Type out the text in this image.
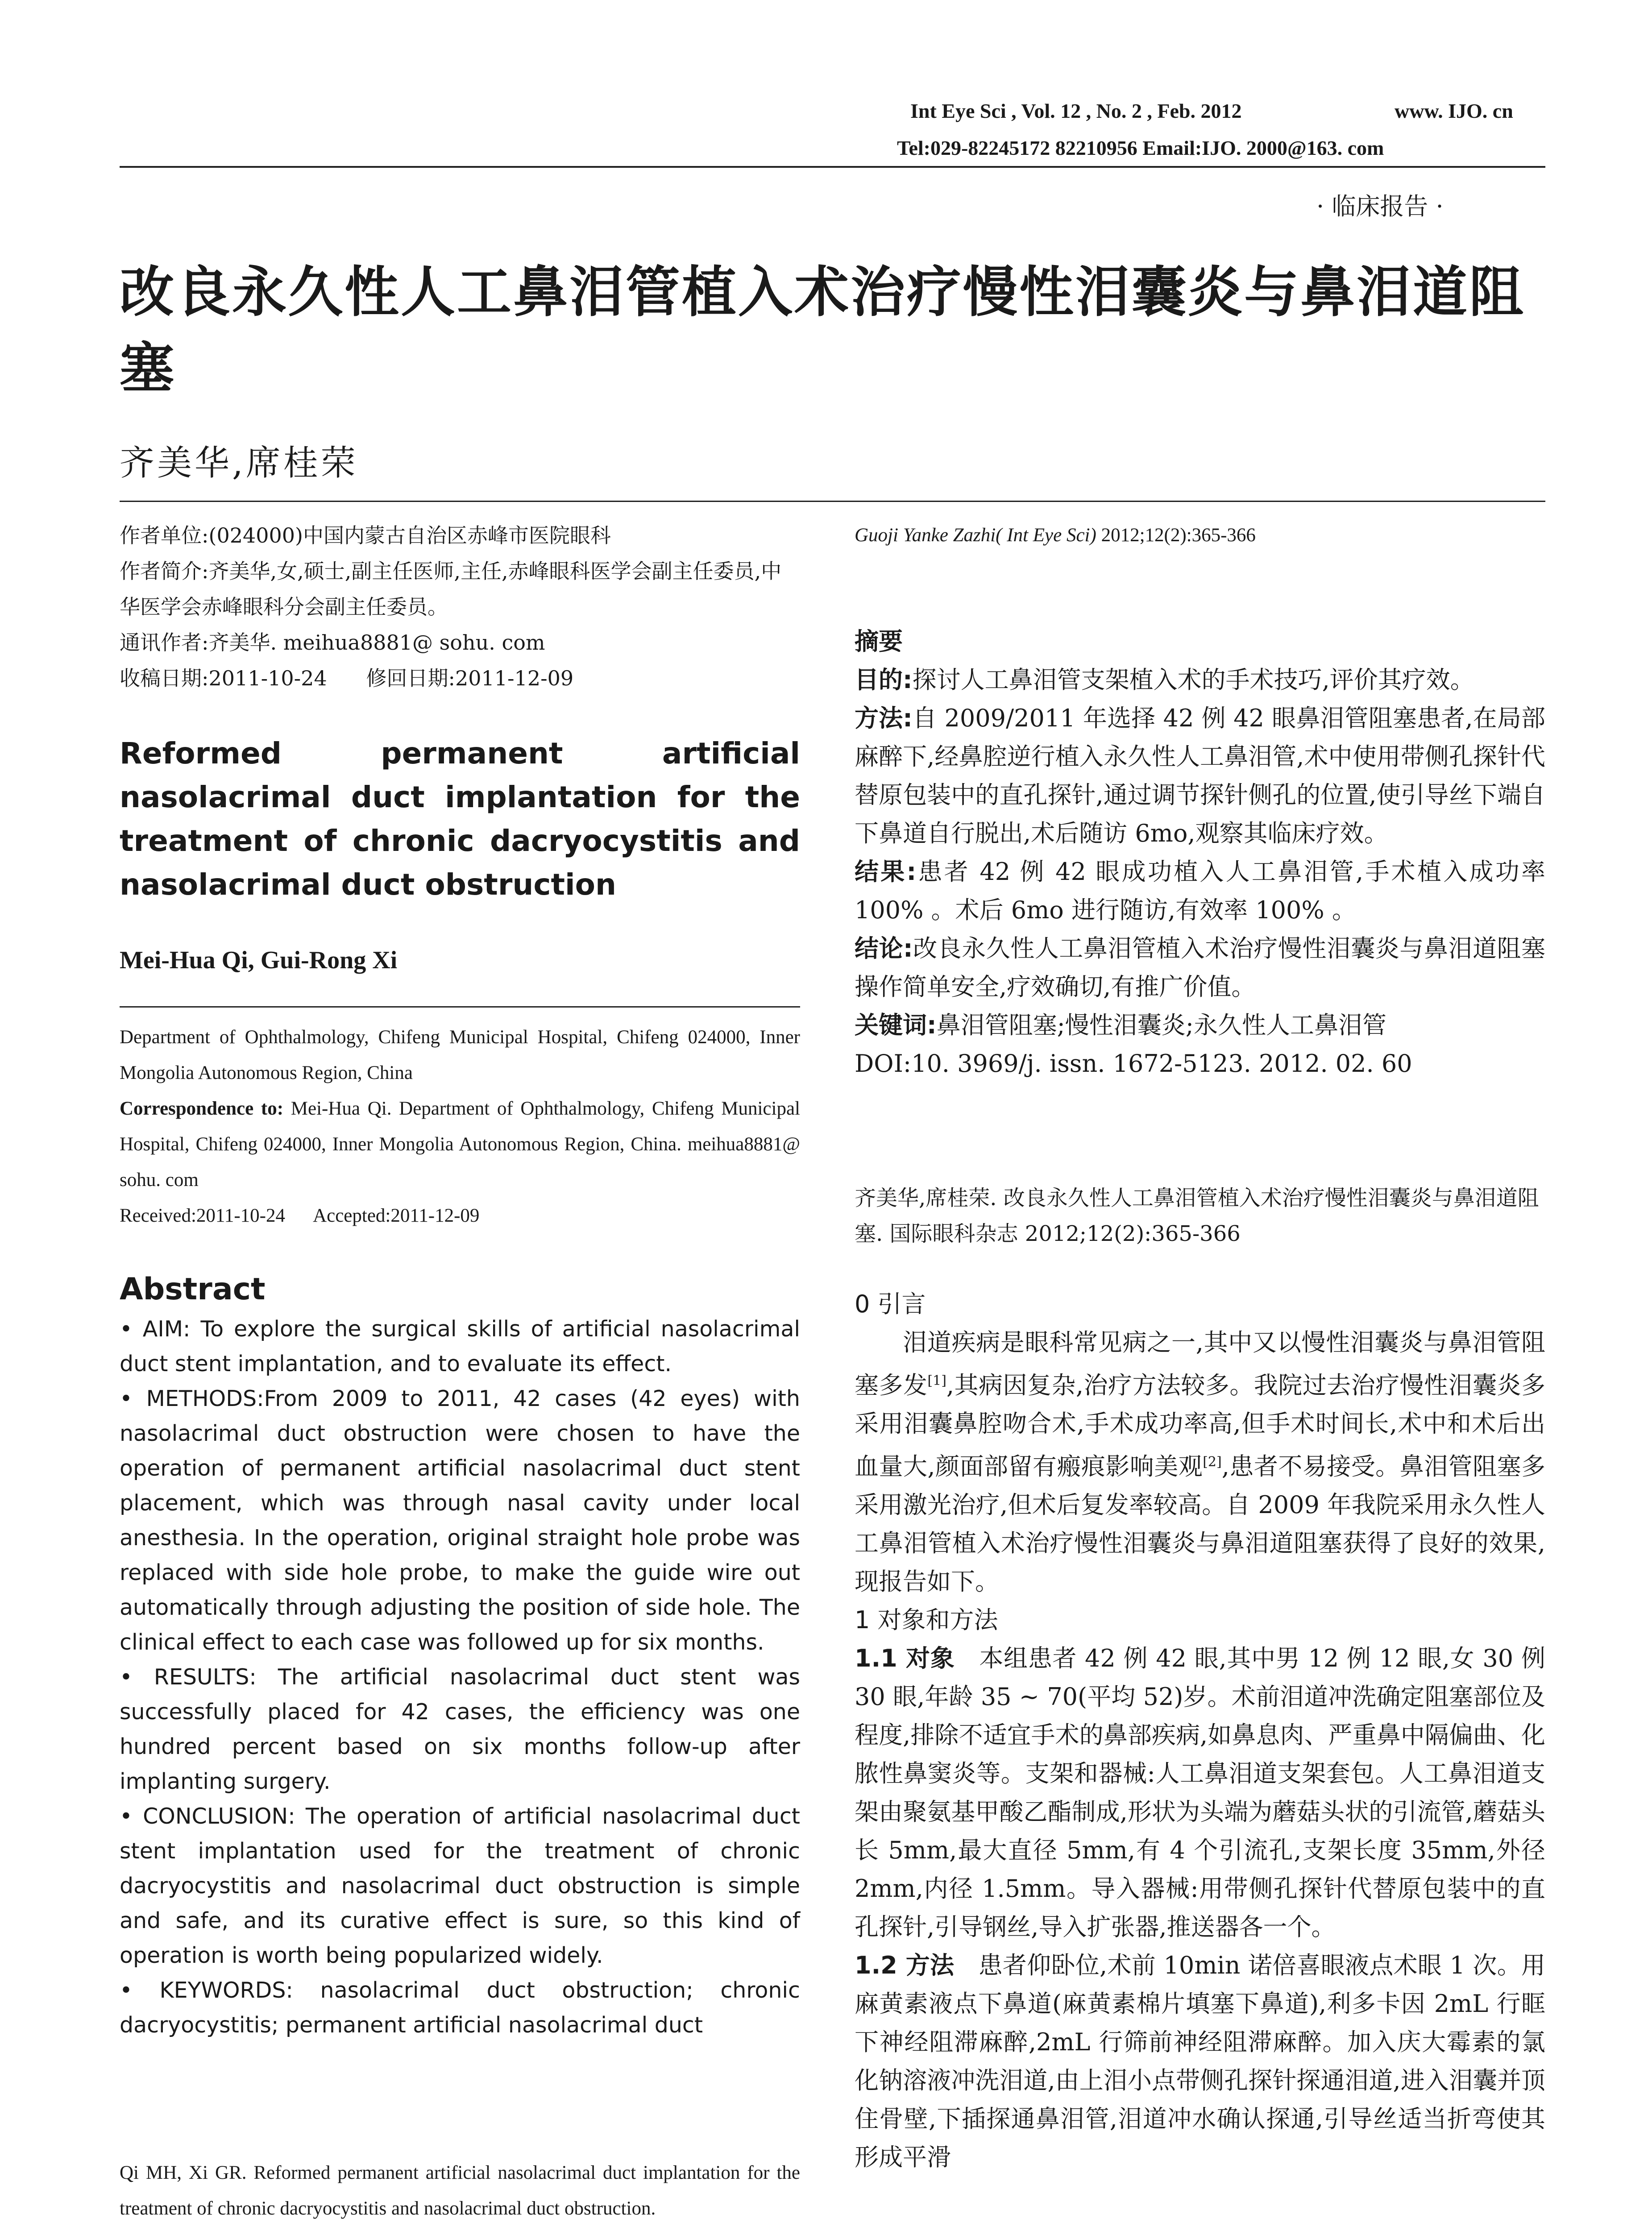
Int Eye Sci , Vol. 12 , No. 2 , Feb. 2012	www. IJO. cn
Tel:029-82245172 82210956 Email:IJO. 2000@163. com
· 临床报告 ·
改良永久性人工鼻泪管植入术治疗慢性泪囊炎与鼻泪道阻塞
齐美华,席桂荣
作者单位:(024000)中国内蒙古自治区赤峰市医院眼科
作者简介:齐美华,女,硕士,副主任医师,主任,赤峰眼科医学会副主任委员,中华医学会赤峰眼科分会副主任委员。
通讯作者:齐美华. meihua8881@ sohu. com
收稿日期:2011-10-24      修回日期:2011-12-09
Reformed permanent artificial nasolacrimal duct implantation for the treatment of chronic dacryocystitis and nasolacrimal duct obstruction
Mei-Hua Qi, Gui-Rong Xi
Department of Ophthalmology, Chifeng Municipal Hospital, Chifeng 024000, Inner Mongolia Autonomous Region, China
Correspondence to: Mei-Hua Qi. Department of Ophthalmology, Chifeng Municipal Hospital, Chifeng 024000, Inner Mongolia Autonomous Region, China. meihua8881@ sohu. com
Received:2011-10-24      Accepted:2011-12-09
Abstract

• AIM: To explore the surgical skills of artificial nasolacrimal duct stent implantation, and to evaluate its effect.

• METHODS:From 2009 to 2011, 42 cases (42 eyes) with nasolacrimal duct obstruction were chosen to have the operation of permanent artificial nasolacrimal duct stent placement, which was through nasal cavity under local anesthesia. In the operation, original straight hole probe was replaced with side hole probe, to make the guide wire out automatically through adjusting the position of side hole. The clinical effect to each case was followed up for six months.

• RESULTS: The artificial nasolacrimal duct stent was successfully placed for 42 cases, the efficiency was one hundred percent based on six months follow-up after implanting surgery.

• CONCLUSION: The operation of artificial nasolacrimal duct stent implantation used for the treatment of chronic dacryocystitis and nasolacrimal duct obstruction is simple and safe, and its curative effect is sure, so this kind of operation is worth being popularized widely.

• KEYWORDS: nasolacrimal duct obstruction; chronic dacryocystitis; permanent artificial nasolacrimal duct

Qi MH, Xi GR. Reformed permanent artificial nasolacrimal duct implantation for the treatment of chronic dacryocystitis and nasolacrimal duct obstruction.
Guoji Yanke Zazhi( Int Eye Sci) 2012;12(2):365-366
摘要

目的:探讨人工鼻泪管支架植入术的手术技巧,评价其疗效。

方法:自 2009/2011 年选择 42 例 42 眼鼻泪管阻塞患者,在局部麻醉下,经鼻腔逆行植入永久性人工鼻泪管,术中使用带侧孔探针代替原包装中的直孔探针,通过调节探针侧孔的位置,使引导丝下端自下鼻道自行脱出,术后随访 6mo,观察其临床疗效。

结果:患者 42 例 42 眼成功植入人工鼻泪管,手术植入成功率 100% 。术后 6mo 进行随访,有效率 100% 。

结论:改良永久性人工鼻泪管植入术治疗慢性泪囊炎与鼻泪道阻塞操作简单安全,疗效确切,有推广价值。

关键词:鼻泪管阻塞;慢性泪囊炎;永久性人工鼻泪管

DOI:10. 3969/j. issn. 1672-5123. 2012. 02. 60

齐美华,席桂荣. 改良永久性人工鼻泪管植入术治疗慢性泪囊炎与鼻泪道阻塞. 国际眼科杂志 2012;12(2):365-366
0 引言

泪道疾病是眼科常见病之一,其中又以慢性泪囊炎与鼻泪管阻塞多发[1],其病因复杂,治疗方法较多。我院过去治疗慢性泪囊炎多采用泪囊鼻腔吻合术,手术成功率高,但手术时间长,术中和术后出血量大,颜面部留有瘢痕影响美观[2],患者不易接受。鼻泪管阻塞多采用激光治疗,但术后复发率较高。自 2009 年我院采用永久性人工鼻泪管植入术治疗慢性泪囊炎与鼻泪道阻塞获得了良好的效果,现报告如下。

1 对象和方法

1.1 对象　本组患者 42 例 42 眼,其中男 12 例 12 眼,女 30 例 30 眼,年龄 35 ~ 70(平均 52)岁。术前泪道冲洗确定阻塞部位及程度,排除不适宜手术的鼻部疾病,如鼻息肉、严重鼻中隔偏曲、化脓性鼻窦炎等。支架和器械:人工鼻泪道支架套包。人工鼻泪道支架由聚氨基甲酸乙酯制成,形状为头端为蘑菇头状的引流管,蘑菇头长 5mm,最大直径 5mm,有 4 个引流孔,支架长度 35mm,外径 2mm,内径 1.5mm。导入器械:用带侧孔探针代替原包装中的直孔探针,引导钢丝,导入扩张器,推送器各一个。

1.2 方法　患者仰卧位,术前 10min 诺倍喜眼液点术眼 1 次。用麻黄素液点下鼻道(麻黄素棉片填塞下鼻道),利多卡因 2mL 行眶下神经阻滞麻醉,2mL 行筛前神经阻滞麻醉。加入庆大霉素的氯化钠溶液冲洗泪道,由上泪小点带侧孔探针探通泪道,进入泪囊并顶住骨壁,下插探通鼻泪管,泪道冲水确认探通,引导丝适当折弯使其形成平滑
